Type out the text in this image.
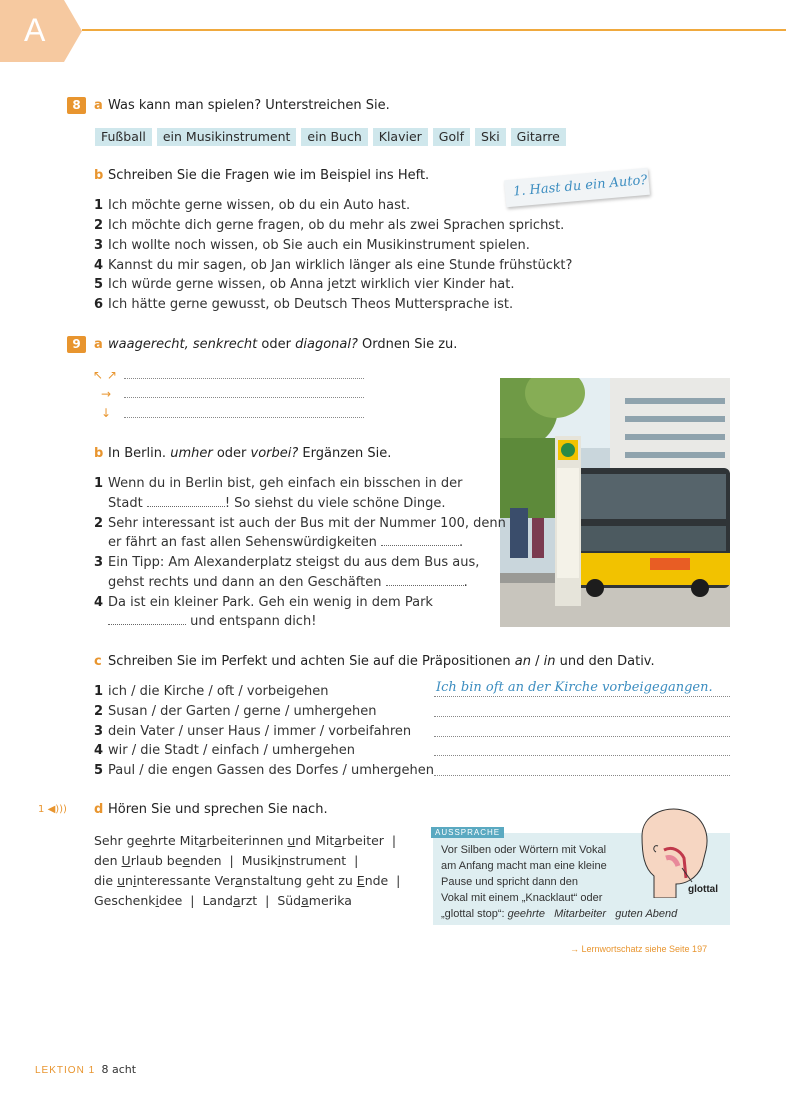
A
8	a Was kann man spielen? Unterstreichen Sie.
Fußball	ein Musikinstrument	ein Buch	Klavier	Golf	Ski	Gitarre
b Schreiben Sie die Fragen wie im Beispiel ins Heft.	1. Hast du ein Auto?
1 Ich möchte gerne wissen, ob du ein Auto hast.
2 Ich möchte dich gerne fragen, ob du mehr als zwei Sprachen sprichst.
3 Ich wollte noch wissen, ob Sie auch ein Musikinstrument spielen.
4 Kannst du mir sagen, ob Jan wirklich länger als eine Stunde frühstückt?
5 Ich würde gerne wissen, ob Anna jetzt wirklich vier Kinder hat.
6 Ich hätte gerne gewusst, ob Deutsch Theos Muttersprache ist.
9	a waagerecht, senkrecht oder diagonal? Ordnen Sie zu.
↖ ↗
→
↓
b In Berlin. umher oder vorbei? Ergänzen Sie.
1 Wenn du in Berlin bist, geh einfach ein bisschen in der
Stadt	! So siehst du viele schöne Dinge.
2 Sehr interessant ist auch der Bus mit der Nummer 100, denn
er fährt an fast allen Sehenswürdigkeiten	.
3 Ein Tipp: Am Alexanderplatz steigst du aus dem Bus aus,
gehst rechts und dann an den Geschäften	.
4 Da ist ein kleiner Park. Geh ein wenig in dem Park
und entspann dich!
c Schreiben Sie im Perfekt und achten Sie auf die Präpositionen an / in und den Dativ.
1 ich / die Kirche / oft / vorbeigehen
2 Susan / der Garten / gerne / umhergehen
3 dein Vater / unser Haus / immer / vorbeifahren
4 wir / die Stadt / einfach / umhergehen
5 Paul / die engen Gassen des Dorfes / umhergehen
Ich bin oft an der Kirche vorbeigegangen.
1 ◀))) d Hören Sie und sprechen Sie nach.
Sehr geehrte Mitarbeiterinnen und Mitarbeiter  |
den Urlaub beenden  |  Musikinstrument  |
die uninteressante Veranstaltung geht zu Ende  |
Geschenkidee  |  Landarzt  |  Südamerika
AUSSPRACHE
Vor Silben oder Wörtern mit Vokal
am Anfang macht man eine kleine
Pause und spricht dann den
Vokal mit einem „Knacklaut“ oder
„glottal stop“: geehrte Mitarbeiter guten Abend
glottal
→ Lernwortschatz siehe Seite 197
LEKTION 1 8 acht
